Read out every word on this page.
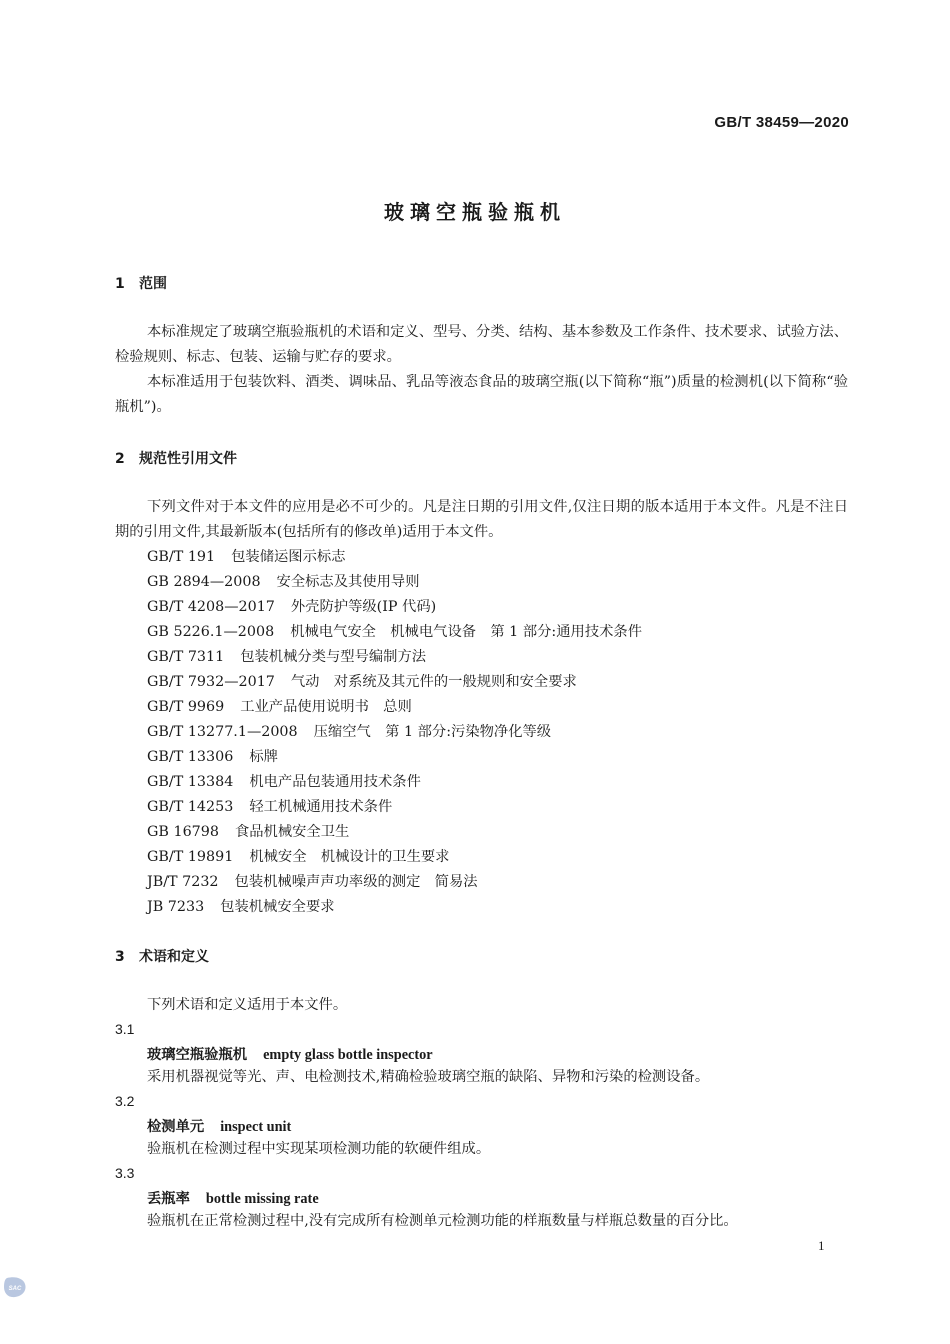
GB/T 38459—2020
玻璃空瓶验瓶机
1 范围
本标准规定了玻璃空瓶验瓶机的术语和定义、型号、分类、结构、基本参数及工作条件、技术要求、试验方法、检验规则、标志、包装、运输与贮存的要求。
本标准适用于包装饮料、酒类、调味品、乳品等液态食品的玻璃空瓶(以下简称“瓶”)质量的检测机(以下简称“验瓶机”)。
2 规范性引用文件
下列文件对于本文件的应用是必不可少的。凡是注日期的引用文件,仅注日期的版本适用于本文件。凡是不注日期的引用文件,其最新版本(包括所有的修改单)适用于本文件。
GB/T 191 包装储运图示标志
GB 2894—2008 安全标志及其使用导则
GB/T 4208—2017 外壳防护等级(IP 代码)
GB 5226.1—2008 机械电气安全　机械电气设备　第 1 部分:通用技术条件
GB/T 7311 包装机械分类与型号编制方法
GB/T 7932—2017 气动　对系统及其元件的一般规则和安全要求
GB/T 9969 工业产品使用说明书　总则
GB/T 13277.1—2008 压缩空气　第 1 部分:污染物净化等级
GB/T 13306 标牌
GB/T 13384 机电产品包装通用技术条件
GB/T 14253 轻工机械通用技术条件
GB 16798 食品机械安全卫生
GB/T 19891 机械安全　机械设计的卫生要求
JB/T 7232 包装机械噪声声功率级的测定　简易法
JB 7233 包装机械安全要求
3 术语和定义
下列术语和定义适用于本文件。
3.1
玻璃空瓶验瓶机 empty glass bottle inspector
采用机器视觉等光、声、电检测技术,精确检验玻璃空瓶的缺陷、异物和污染的检测设备。
3.2
检测单元 inspect unit
验瓶机在检测过程中实现某项检测功能的软硬件组成。
3.3
丢瓶率 bottle missing rate
验瓶机在正常检测过程中,没有完成所有检测单元检测功能的样瓶数量与样瓶总数量的百分比。
1
SAC
